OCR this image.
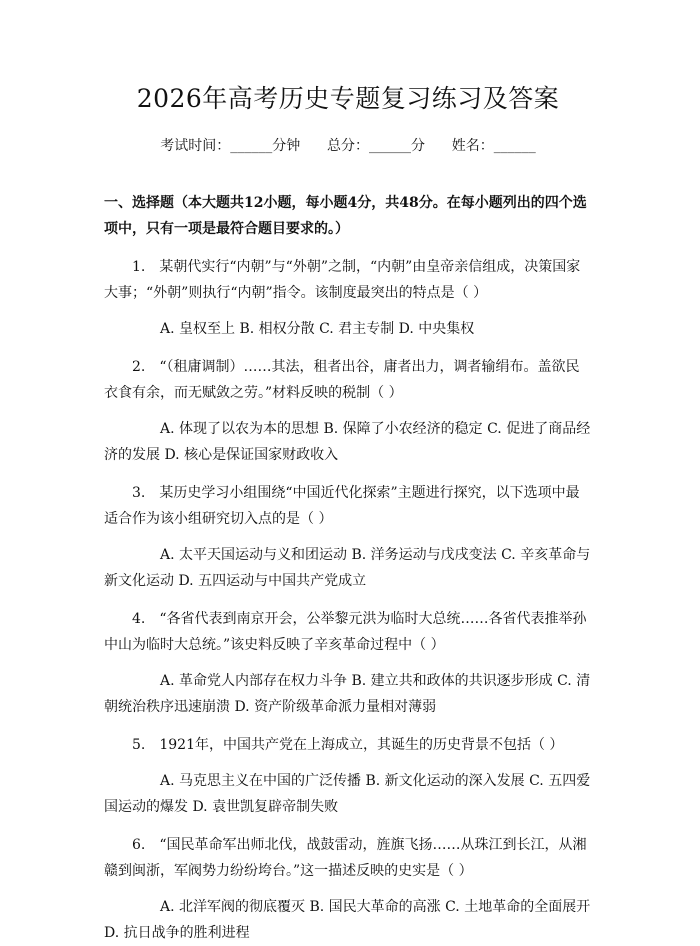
2026年高考历史专题复习练习及答案
考试时间：______分钟 总分：______分 姓名：______
一、选择题（本大题共12小题，每小题4分，共48分。在每小题列出的四个选项中，只有一项是最符合题目要求的。）
1.　某朝代实行“内朝”与“外朝”之制，“内朝”由皇帝亲信组成，决策国家大事；“外朝”则执行“内朝”指令。该制度最突出的特点是（ ）
A. 皇权至上 B. 相权分散 C. 君主专制 D. 中央集权
2.　“（租庸调制）……其法，租者出谷，庸者出力，调者输绢布。盖欲民衣食有余，而无赋敛之劳。”材料反映的税制（ ）
A. 体现了以农为本的思想 B. 保障了小农经济的稳定 C. 促进了商品经济的发展 D. 核心是保证国家财政收入
3.　某历史学习小组围绕“中国近代化探索”主题进行探究，以下选项中最适合作为该小组研究切入点的是（ ）
A. 太平天国运动与义和团运动 B. 洋务运动与戊戌变法 C. 辛亥革命与新文化运动 D. 五四运动与中国共产党成立
4.　“各省代表到南京开会，公举黎元洪为临时大总统……各省代表推举孙中山为临时大总统。”该史料反映了辛亥革命过程中（ ）
A. 革命党人内部存在权力斗争 B. 建立共和政体的共识逐步形成 C. 清朝统治秩序迅速崩溃 D. 资产阶级革命派力量相对薄弱
5.　1921年，中国共产党在上海成立，其诞生的历史背景不包括（ ）
A. 马克思主义在中国的广泛传播 B. 新文化运动的深入发展 C. 五四爱国运动的爆发 D. 袁世凯复辟帝制失败
6.　“国民革命军出师北伐，战鼓雷动，旌旗飞扬……从珠江到长江，从湘赣到闽浙，军阀势力纷纷垮台。”这一描述反映的史实是（ ）
A. 北洋军阀的彻底覆灭 B. 国民大革命的高涨 C. 土地革命的全面展开 D. 抗日战争的胜利进程
